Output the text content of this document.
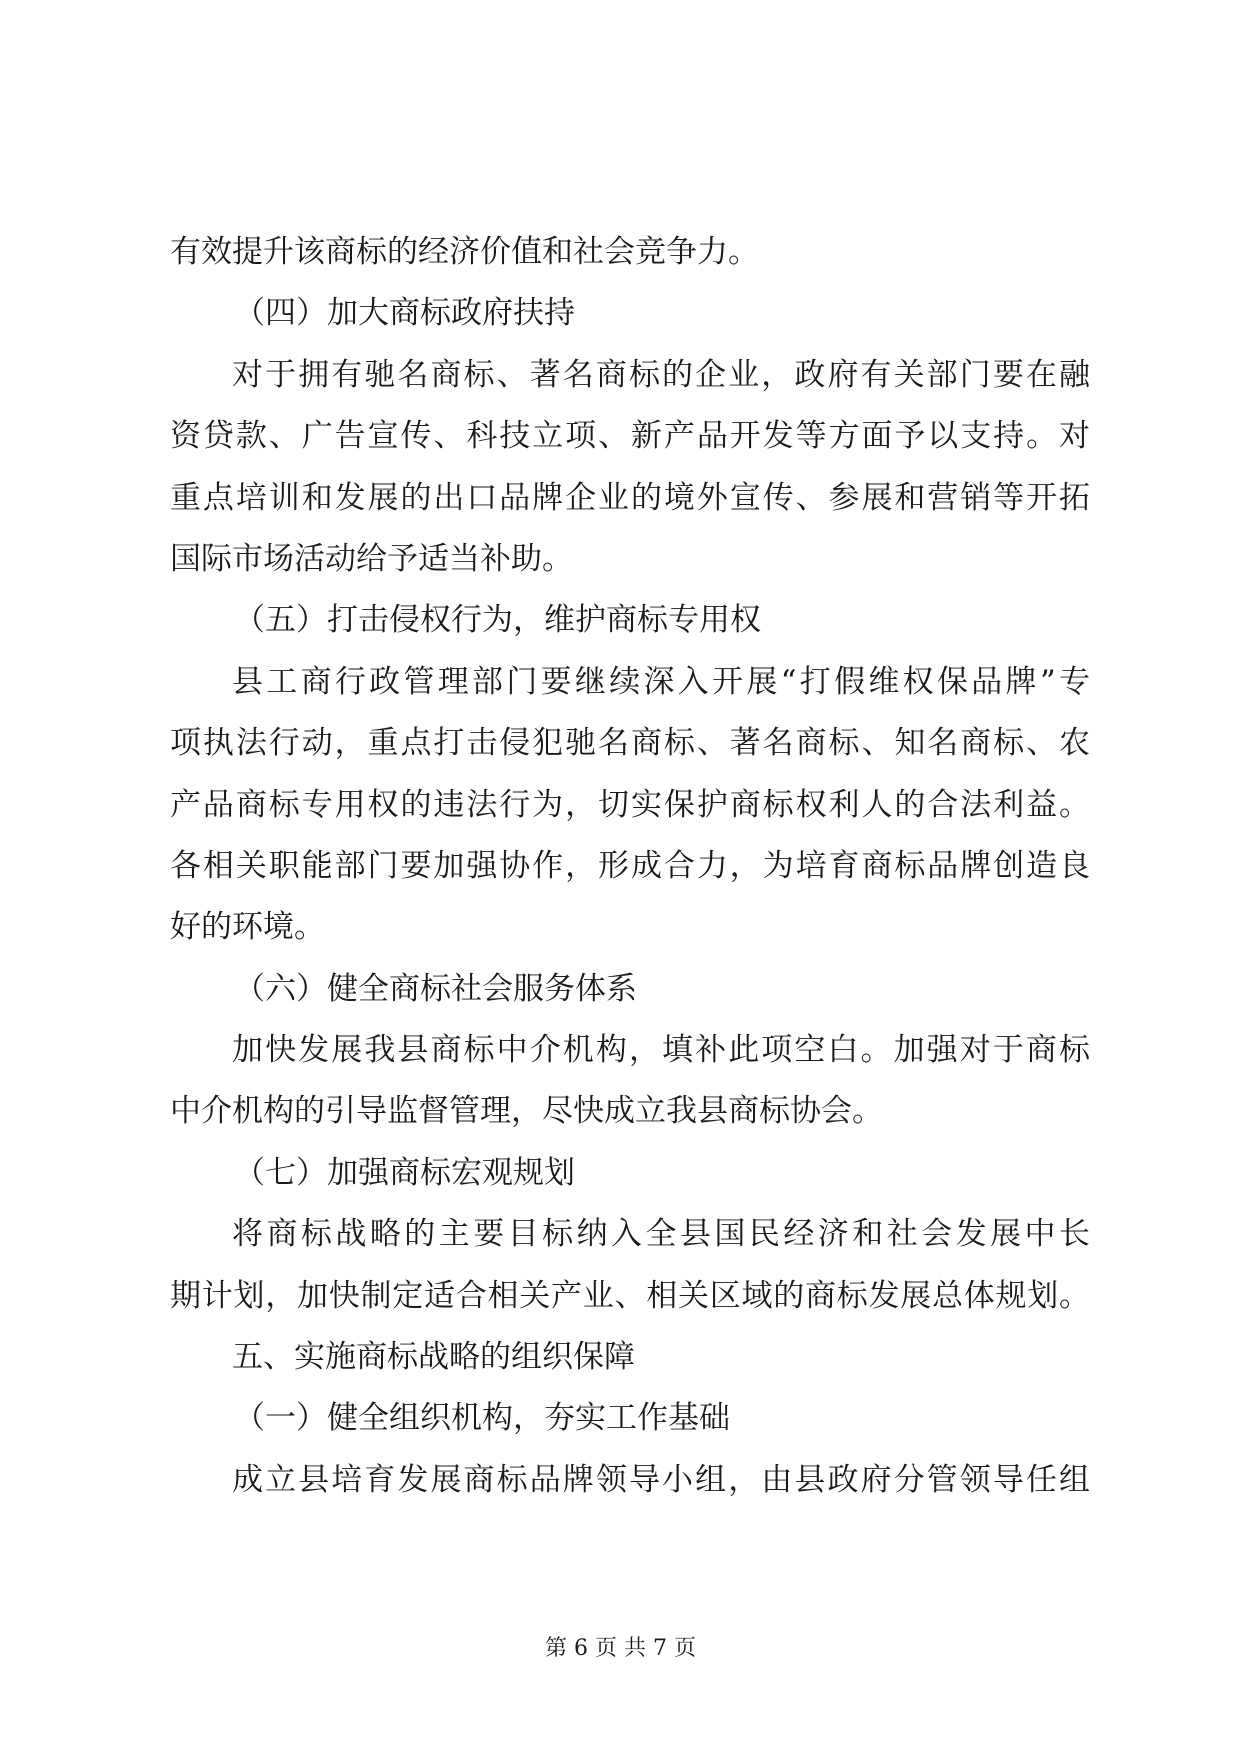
有效提升该商标的经济价值和社会竞争力。
（四）加大商标政府扶持
对于拥有驰名商标、著名商标的企业，政府有关部门要在融
资贷款、广告宣传、科技立项、新产品开发等方面予以支持。对
重点培训和发展的出口品牌企业的境外宣传、参展和营销等开拓
国际市场活动给予适当补助。
（五）打击侵权行为，维护商标专用权
县工商行政管理部门要继续深入开展“打假维权保品牌”专
项执法行动，重点打击侵犯驰名商标、著名商标、知名商标、农
产品商标专用权的违法行为，切实保护商标权利人的合法利益。
各相关职能部门要加强协作，形成合力，为培育商标品牌创造良
好的环境。
（六）健全商标社会服务体系
加快发展我县商标中介机构，填补此项空白。加强对于商标
中介机构的引导监督管理，尽快成立我县商标协会。
（七）加强商标宏观规划
将商标战略的主要目标纳入全县国民经济和社会发展中长
期计划，加快制定适合相关产业、相关区域的商标发展总体规划。
五、实施商标战略的组织保障
（一）健全组织机构，夯实工作基础
成立县培育发展商标品牌领导小组，由县政府分管领导任组
第 6 页 共 7 页
